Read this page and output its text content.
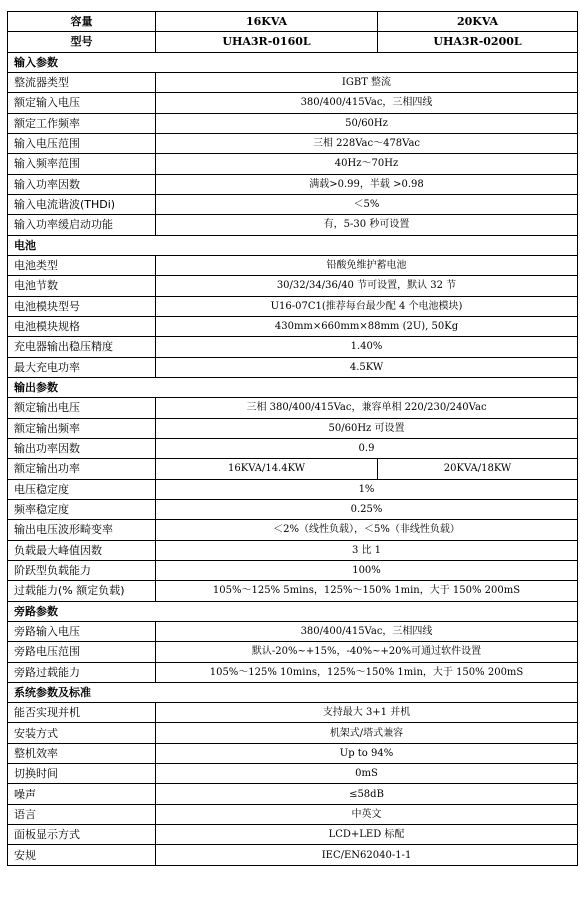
容量	16KVA	20KVA
型号	UHA3R-0160L	UHA3R-0200L
输入参数		
整流器类型	IGBT 整流	
额定输入电压	380/400/415Vac，三相四线	
额定工作频率	50/60Hz	
输入电压范围	三相 228Vac～478Vac	
输入频率范围	40Hz～70Hz	
输入功率因数	满载>0.99，半载 >0.98	
输入电流谐波(THDi)	＜5%	
输入功率缓启动功能	有，5-30 秒可设置	
电池		
电池类型	铅酸免维护蓄电池	
电池节数	30/32/34/36/40 节可设置，默认 32 节	
电池模块型号	U16-07C1(推荐每台最少配 4 个电池模块)	
电池模块规格	430mm×660mm×88mm (2U), 50Kg	
充电器输出稳压精度	1.40%	
最大充电功率	4.5KW	
输出参数		
额定输出电压	三相 380/400/415Vac，兼容单相 220/230/240Vac	
额定输出频率	50/60Hz 可设置	
输出功率因数	0.9	
额定输出功率	16KVA/14.4KW	20KVA/18KW
电压稳定度	1%	
频率稳定度	0.25%	
输出电压波形畸变率	＜2%（线性负载），＜5%（非线性负载）	
负载最大峰值因数	3 比 1	
阶跃型负载能力	100%	
过载能力(% 额定负载)	105%～125% 5mins，125%～150% 1min，大于 150% 200mS	
旁路参数		
旁路输入电压	380/400/415Vac，三相四线	
旁路电压范围	默认-20%~+15%，-40%~+20%可通过软件设置	
旁路过载能力	105%～125% 10mins，125%～150% 1min，大于 150% 200mS	
系统参数及标准		
能否实现并机	支持最大 3+1 并机	
安装方式	机架式/塔式兼容	
整机效率	Up to 94%	
切换时间	0mS	
噪声	≤58dB	
语言	中英文	
面板显示方式	LCD+LED 标配	
安规	IEC/EN62040-1-1	
